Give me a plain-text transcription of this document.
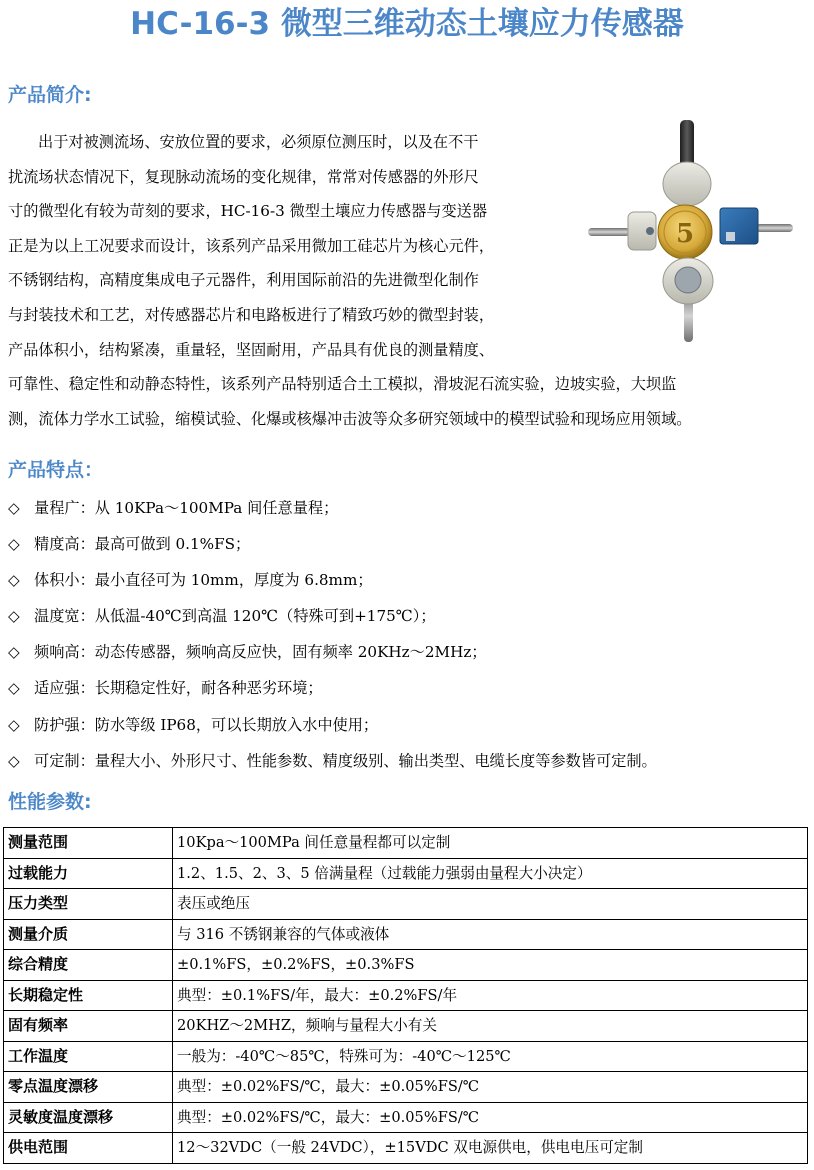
HC-16-3 微型三维动态土壤应力传感器
产品简介:
出于对被测流场、安放位置的要求，必须原位测压时，以及在不干
扰流场状态情况下，复现脉动流场的变化规律，常常对传感器的外形尺
寸的微型化有较为苛刻的要求，HC-16-3 微型土壤应力传感器与变送器
正是为以上工况要求而设计，该系列产品采用微加工硅芯片为核心元件，
不锈钢结构，高精度集成电子元器件，利用国际前沿的先进微型化制作
与封装技术和工艺，对传感器芯片和电路板进行了精致巧妙的微型封装，
产品体积小，结构紧凑，重量轻，坚固耐用，产品具有优良的测量精度、
可靠性、稳定性和动静态特性，该系列产品特别适合土工模拟，滑坡泥石流实验，边坡实验，大坝监
测，流体力学水工试验，缩模试验、化爆或核爆冲击波等众多研究领域中的模型试验和现场应用领域。
5
产品特点：
◇ 量程广：从 10KPa～100MPa 间任意量程；
◇ 精度高：最高可做到 0.1%FS；
◇ 体积小：最小直径可为 10mm，厚度为 6.8mm；
◇ 温度宽：从低温-40℃到高温 120℃（特殊可到+175℃）；
◇ 频响高：动态传感器，频响高反应快，固有频率 20KHz～2MHz；
◇ 适应强：长期稳定性好，耐各种恶劣环境；
◇ 防护强：防水等级 IP68，可以长期放入水中使用；
◇ 可定制：量程大小、外形尺寸、性能参数、精度级别、输出类型、电缆长度等参数皆可定制。
性能参数:
测量范围	10Kpa～100MPa 间任意量程都可以定制
过载能力	1.2、1.5、2、3、5 倍满量程（过载能力强弱由量程大小决定）
压力类型	表压或绝压
测量介质	与 316 不锈钢兼容的气体或液体
综合精度	±0.1%FS，±0.2%FS，±0.3%FS
长期稳定性	典型：±0.1%FS/年，最大：±0.2%FS/年
固有频率	20KHZ～2MHZ，频响与量程大小有关
工作温度	一般为：-40℃～85℃，特殊可为：-40℃～125℃
零点温度漂移	典型：±0.02%FS/℃，最大：±0.05%FS/℃
灵敏度温度漂移	典型：±0.02%FS/℃，最大：±0.05%FS/℃
供电范围	12～32VDC（一般 24VDC），±15VDC 双电源供电，供电电压可定制
